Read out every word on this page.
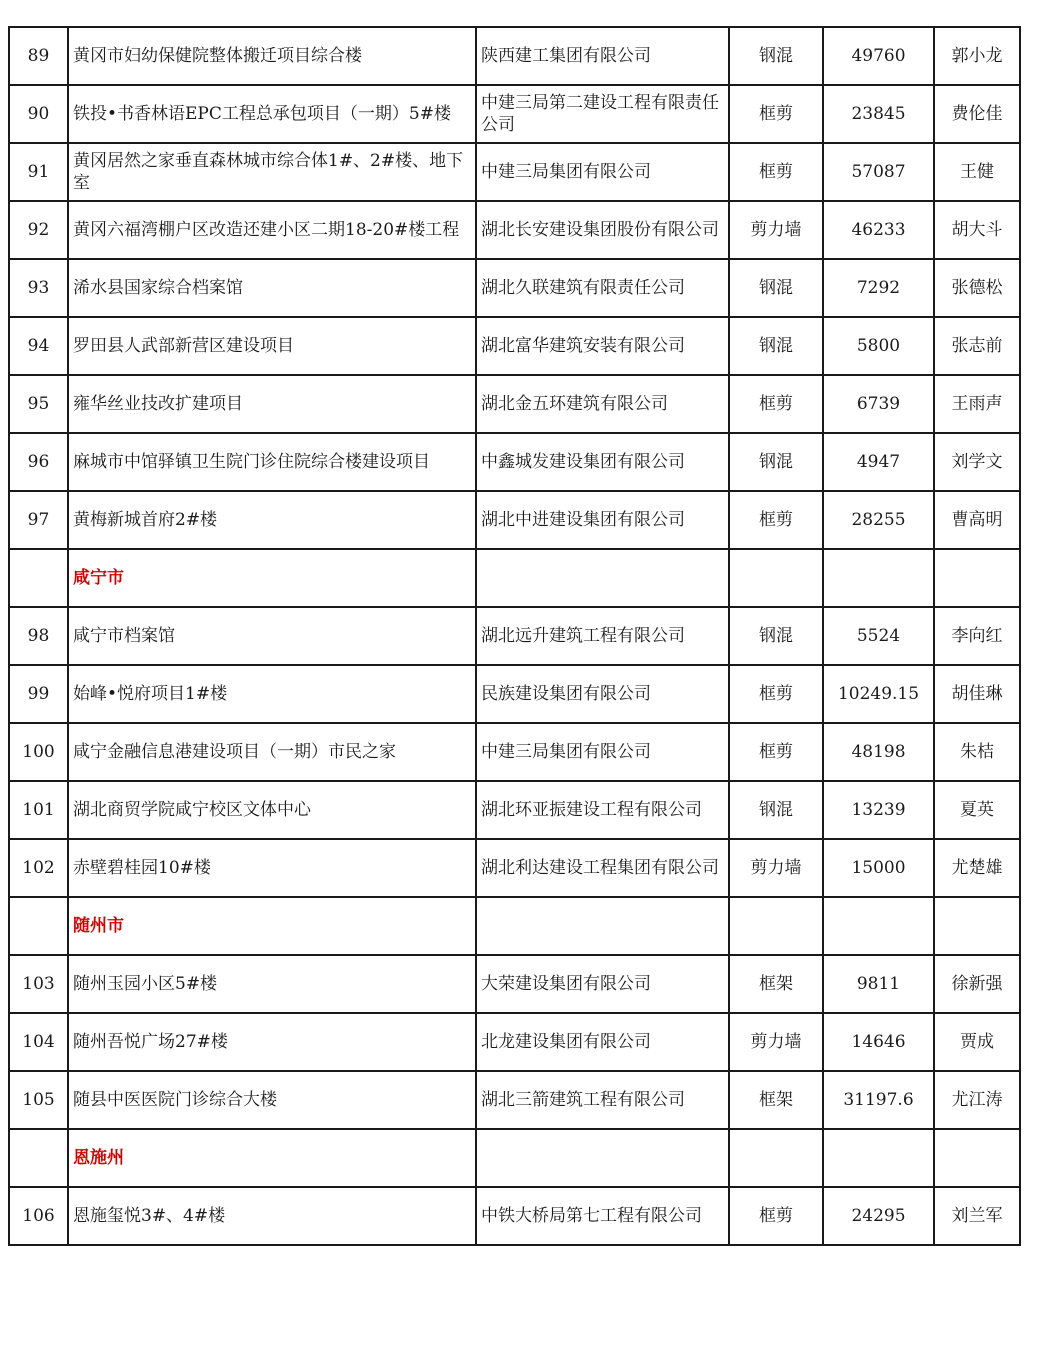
89	黄冈市妇幼保健院整体搬迁项目综合楼	陕西建工集团有限公司	钢混	49760	郭小龙
90	铁投•书香林语EPC工程总承包项目（一期）5#楼	中建三局第二建设工程有限责任公司	框剪	23845	费伦佳
91	黄冈居然之家垂直森林城市综合体1#、2#楼、地下室	中建三局集团有限公司	框剪	57087	王健
92	黄冈六福湾棚户区改造还建小区二期18-20#楼工程	湖北长安建设集团股份有限公司	剪力墙	46233	胡大斗
93	浠水县国家综合档案馆	湖北久联建筑有限责任公司	钢混	7292	张德松
94	罗田县人武部新营区建设项目	湖北富华建筑安装有限公司	钢混	5800	张志前
95	雍华丝业技改扩建项目	湖北金五环建筑有限公司	框剪	6739	王雨声
96	麻城市中馆驿镇卫生院门诊住院综合楼建设项目	中鑫城发建设集团有限公司	钢混	4947	刘学文
97	黄梅新城首府2#楼	湖北中进建设集团有限公司	框剪	28255	曹高明
	咸宁市				
98	咸宁市档案馆	湖北远升建筑工程有限公司	钢混	5524	李向红
99	始峰•悦府项目1#楼	民族建设集团有限公司	框剪	10249.15	胡佳琳
100	咸宁金融信息港建设项目（一期）市民之家	中建三局集团有限公司	框剪	48198	朱桔
101	湖北商贸学院咸宁校区文体中心	湖北环亚振建设工程有限公司	钢混	13239	夏英
102	赤壁碧桂园10#楼	湖北利达建设工程集团有限公司	剪力墙	15000	尤楚雄
	随州市				
103	随州玉园小区5#楼	大荣建设集团有限公司	框架	9811	徐新强
104	随州吾悦广场27#楼	北龙建设集团有限公司	剪力墙	14646	贾成
105	随县中医医院门诊综合大楼	湖北三箭建筑工程有限公司	框架	31197.6	尤江涛
	恩施州				
106	恩施玺悦3#、4#楼	中铁大桥局第七工程有限公司	框剪	24295	刘兰军
